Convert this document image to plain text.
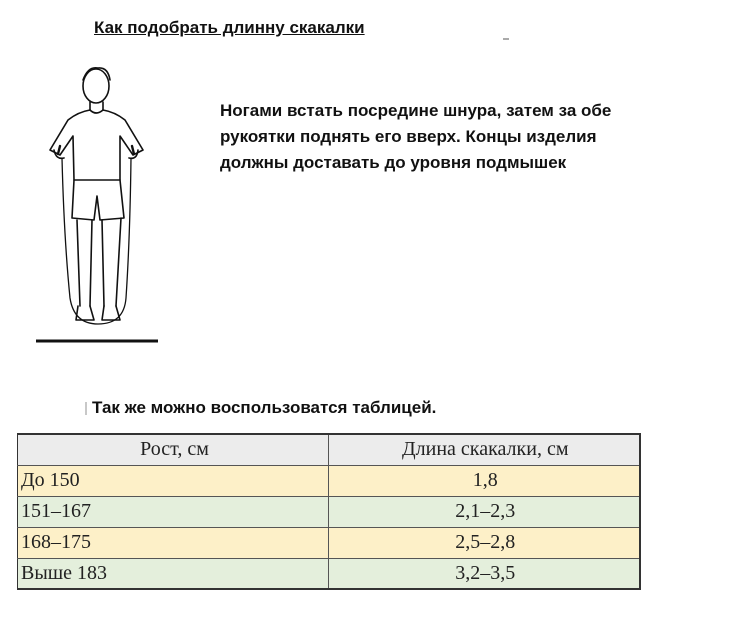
Как подобрать длинну скакалки
Ногами встать посредине шнура, затем за обе рукоятки поднять его вверх. Концы изделия должны доставать до уровня подмышек
Так же можно воспользоватся таблицей.
Рост, см	Длина скакалки, см
До 150	1,8
151–167	2,1–2,3
168–175	2,5–2,8
Выше 183	3,2–3,5
